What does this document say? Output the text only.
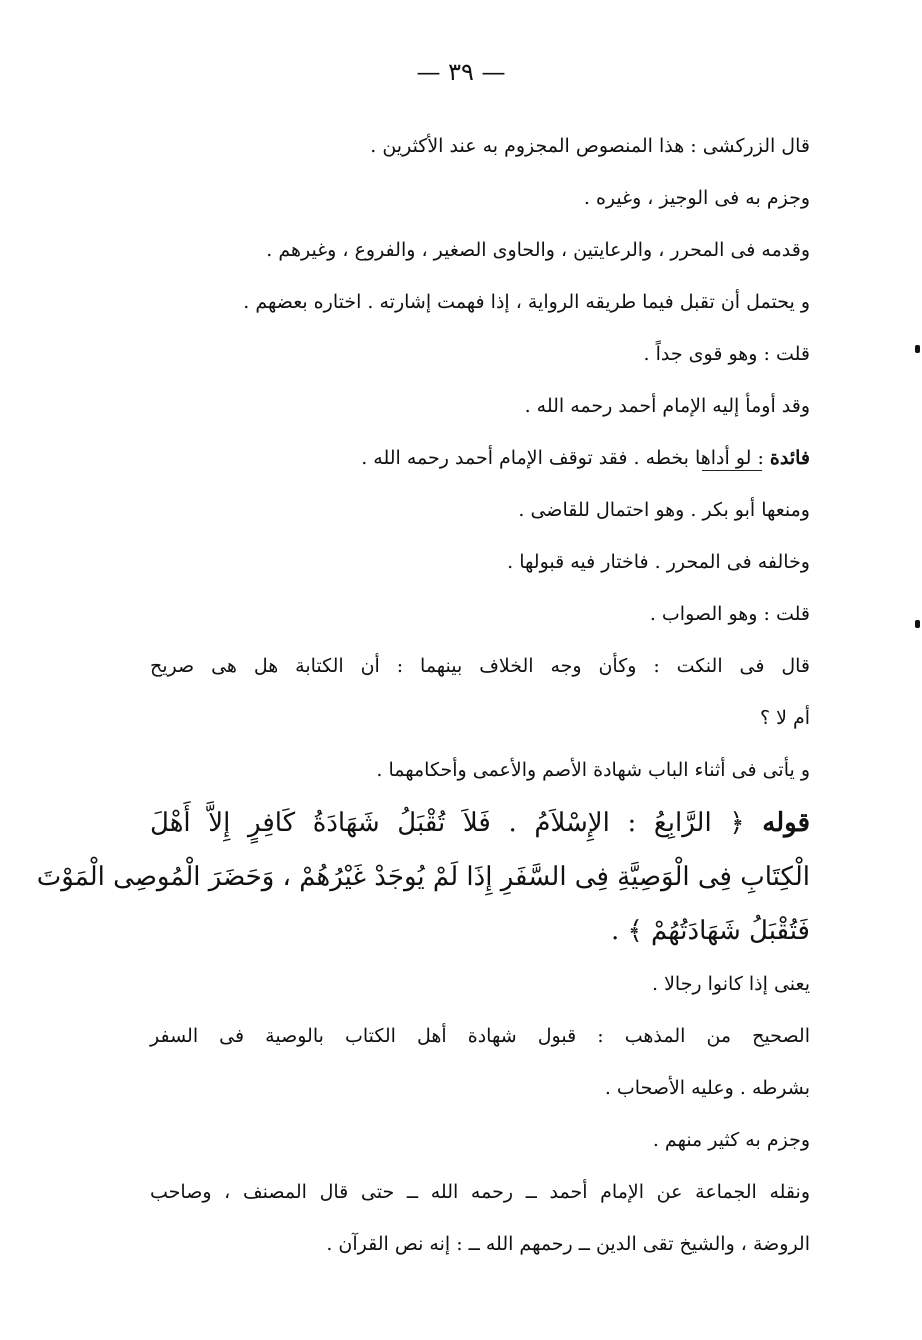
— ٣٩ —
قال الزركشى : هذا المنصوص المجزوم به عند الأكثرين .
وجزم به فى الوجيز ، وغيره .
وقدمه فى المحرر ، والرعايتين ، والحاوى الصغير ، والفروع ، وغيرهم .
و يحتمل أن تقبل فيما طريقه الرواية ، إذا فهمت إشارته . اختاره بعضهم .
قلت : وهو قوى جداً .
وقد أومأ إليه الإمام أحمد رحمه الله .
فائدة : لو أداها بخطه . فقد توقف الإمام أحمد رحمه الله .
ومنعها أبو بكر . وهو احتمال للقاضى .
وخالفه فى المحرر . فاختار فيه قبولها .
قلت : وهو الصواب .
قال فى النكت : وكأن وجه الخلاف بينهما : أن الكتابة هل هى صريح
أم لا ؟
و يأتى فى أثناء الباب شهادة الأصم والأعمى وأحكامهما .
قوله ﴿ الرَّابِعُ : الإِسْلاَمُ . فَلاَ تُقْبَلُ شَهَادَةُ كَافِرٍ إِلاَّ أَهْلَ
الْكِتَابِ فِى الْوَصِيَّةِ فِى السَّفَرِ إِذَا لَمْ يُوجَدْ غَيْرُهُمْ ، وَحَضَرَ الْمُوصِى الْمَوْتَ
فَتُقْبَلُ شَهَادَتُهُمْ ﴾ .
يعنى إذا كانوا رجالا .
الصحيح من المذهب : قبول شهادة أهل الكتاب بالوصية فى السفر
بشرطه . وعليه الأصحاب .
وجزم به كثير منهم .
ونقله الجماعة عن الإمام أحمد ــ رحمه الله ــ حتى قال المصنف ، وصاحب
الروضة ، والشيخ تقى الدين ــ رحمهم الله ــ : إنه نص القرآن .
